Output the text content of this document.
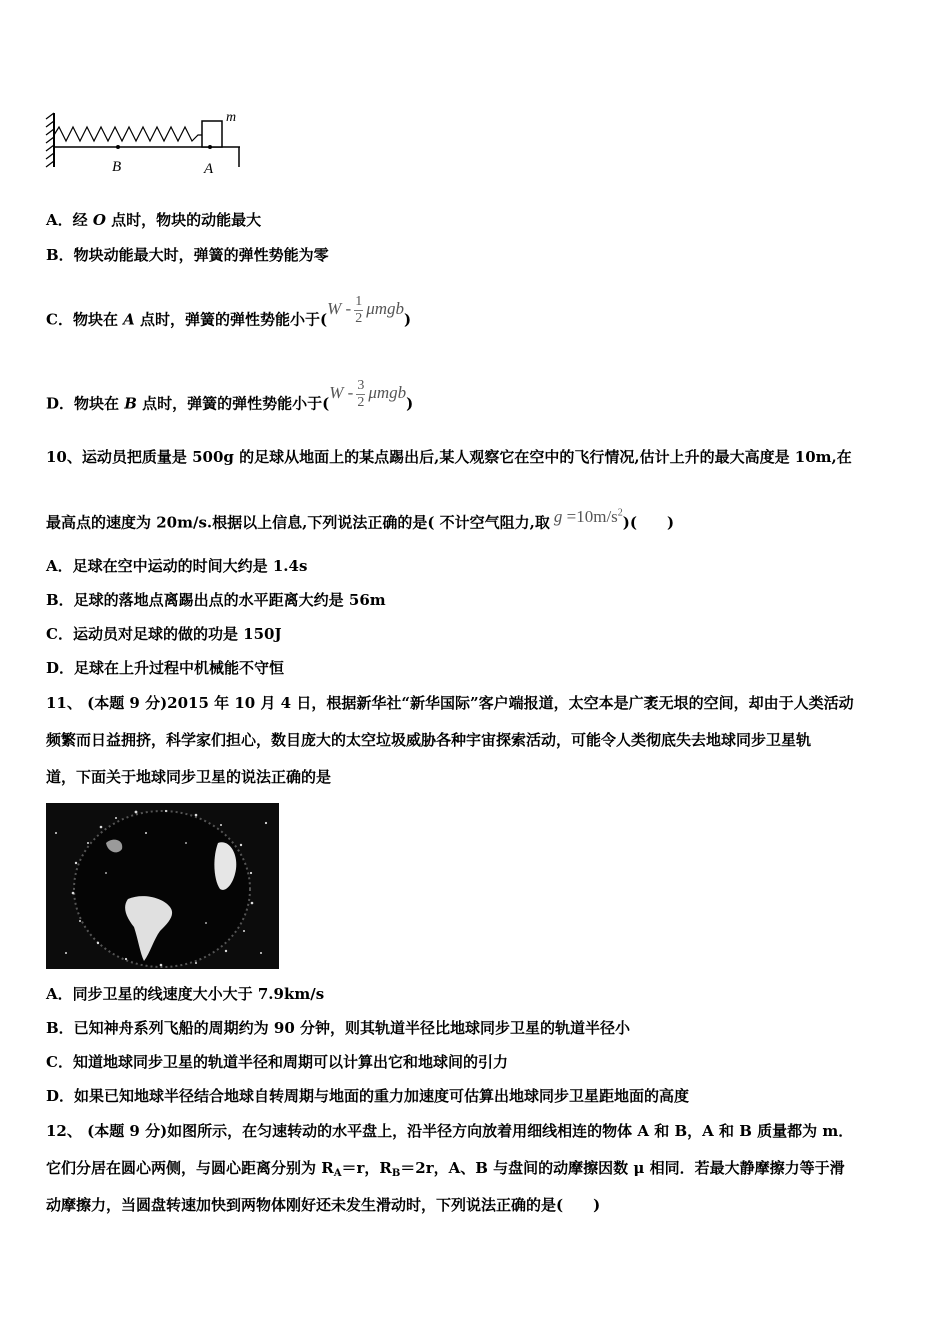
m
B	A
A．经 O 点时，物块的动能最大
B．物块动能最大时，弹簧的弹性势能为零
C．物块在 A 点时，弹簧的弹性势能小于$(W - \frac{1}{2} \mu mgb)$
D．物块在 B 点时，弹簧的弹性势能小于$(W - \frac{3}{2} \mu mgb)$
10、运动员把质量是 500g 的足球从地面上的某点踢出后,某人观察它在空中的飞行情况,估计上升的最大高度是 10m,在
最高点的速度为 20m/s.根据以上信息,下列说法正确的是( 不计空气阻力,取 $g =10m/s^2$)(　　)
A．足球在空中运动的时间大约是 1.4s
B．足球的落地点离踢出点的水平距离大约是 56m
C．运动员对足球的做的功是 150J
D．足球在上升过程中机械能不守恒
11、 (本题 9 分)2015 年 10 月 4 日，根据新华社“新华国际”客户端报道，太空本是广袤无垠的空间，却由于人类活动
频繁而日益拥挤，科学家们担心，数目庞大的太空垃圾威胁各种宇宙探索活动，可能令人类彻底失去地球同步卫星轨
道，下面关于地球同步卫星的说法正确的是
A．同步卫星的线速度大小大于 7.9km/s
B．已知神舟系列飞船的周期约为 90 分钟，则其轨道半径比地球同步卫星的轨道半径小
C．知道地球同步卫星的轨道半径和周期可以计算出它和地球间的引力
D．如果已知地球半径结合地球自转周期与地面的重力加速度可估算出地球同步卫星距地面的高度
12、 (本题 9 分)如图所示，在匀速转动的水平盘上，沿半径方向放着用细线相连的物体 A 和 B，A 和 B 质量都为 m．
它们分居在圆心两侧，与圆心距离分别为 $R_A=r$，$R_B=2r$，A、B 与盘间的动摩擦因数 μ 相同．若最大静摩擦力等于滑
动摩擦力，当圆盘转速加快到两物体刚好还未发生滑动时，下列说法正确的是(　　)
